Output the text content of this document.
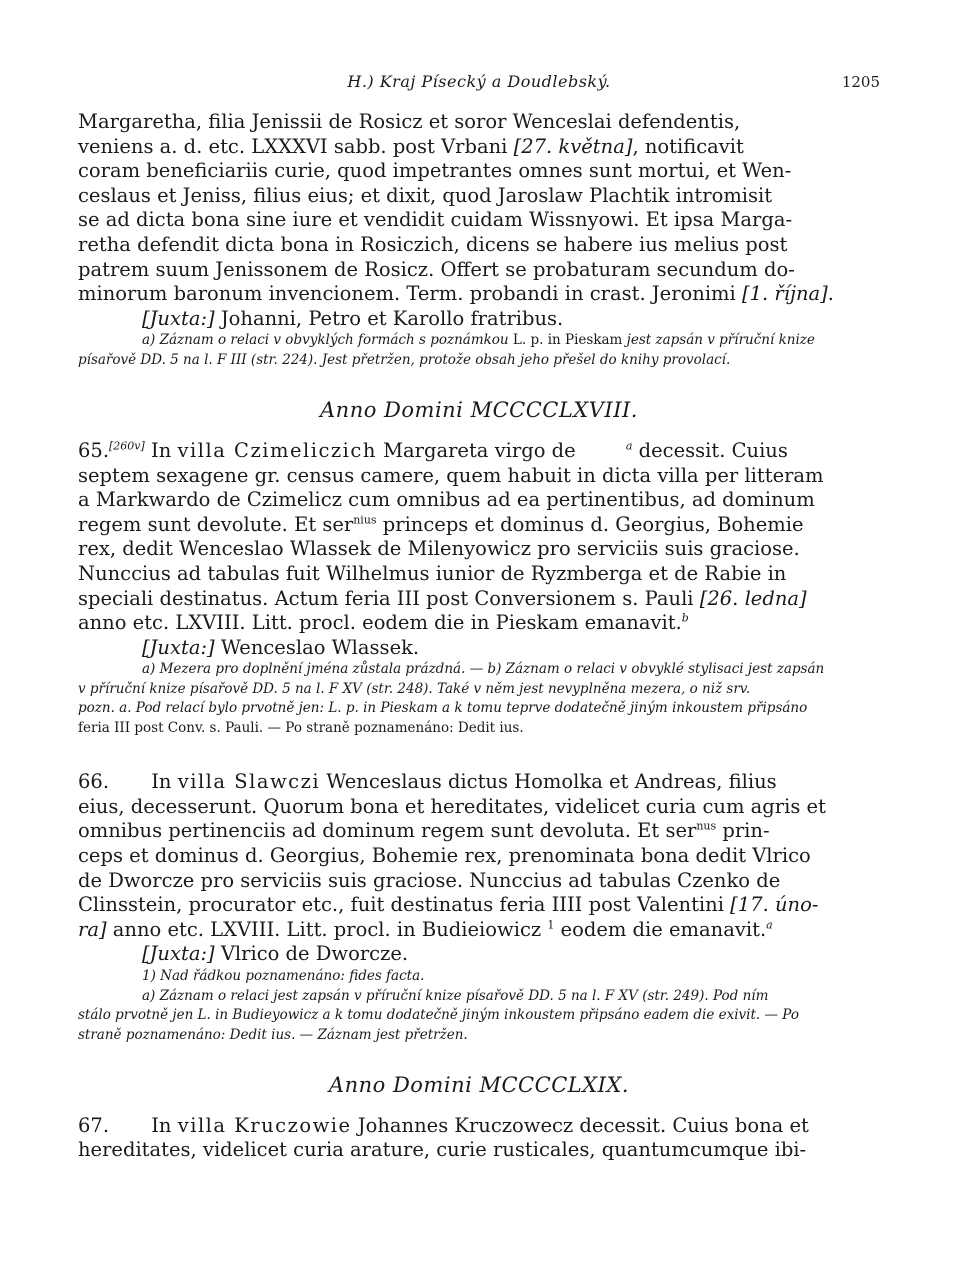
H.) Kraj Písecký a Doudlebský.	1205

Margaretha, filia Jenissii de Rosicz et soror Wenceslai defendentis,

veniens a. d. etc. LXXXVI sabb. post Vrbani [27. května], notificavit

coram beneficiariis curie, quod impetrantes omnes sunt mortui, et Wen-

ceslaus et Jeniss, filius eius; et dixit, quod Jaroslaw Plachtik intromisit

se ad dicta bona sine iure et vendidit cuidam Wissnyowi. Et ipsa Marga-

retha defendit dicta bona in Rosiczich, dicens se habere ius melius post

patrem suum Jenissonem de Rosicz. Offert se probaturam secundum do-

minorum baronum invencionem. Term. probandi in crast. Jeronimi [1. října].

[Juxta:] Johanni, Petro et Karollo fratribus.

a) Záznam o relaci v obvyklých formách s poznámkou L. p. in Pieskam jest zapsán v příruční knize

písařově DD. 5 na l. F III (str. 224). Jest přetržen, protože obsah jeho přešel do knihy provolací.

Anno Domini MCCCCLXVIII.

65.[260v] In villa Czimeliczich Margareta virgo de	$^a$ decessit. Cuius

septem sexagene gr. census camere, quem habuit in dicta villa per litteram

a Markwardo de Czimelicz cum omnibus ad ea pertinentibus, ad dominum

regem sunt devolute. Et ser$^{nius}$ princeps et dominus d. Georgius, Bohemie

rex, dedit Wenceslao Wlassek de Milenyowicz pro serviciis suis graciose.

Nunccius ad tabulas fuit Wilhelmus iunior de Ryzmberga et de Rabie in

speciali destinatus. Actum feria III post Conversionem s. Pauli [26. ledna]

anno etc. LXVIII. Litt. procl. eodem die in Pieskam emanavit.$^b$

[Juxta:] Wenceslao Wlassek.

a) Mezera pro doplnění jména zůstala prázdná. — b) Záznam o relaci v obvyklé stylisaci jest zapsán

v příruční knize písařově DD. 5 na l. F XV (str. 248). Také v něm jest nevyplněna mezera, o niž srv.

pozn. a. Pod relací bylo prvotně jen: L. p. in Pieskam a k tomu teprve dodatečně jiným inkoustem připsáno

feria III post Conv. s. Pauli. — Po straně poznamenáno: Dedit ius.

66. In villa Slawczi Wenceslaus dictus Homolka et Andreas, filius

eius, decesserunt. Quorum bona et hereditates, videlicet curia cum agris et

omnibus pertinenciis ad dominum regem sunt devoluta. Et ser$^{nus}$ prin-

ceps et dominus d. Georgius, Bohemie rex, prenominata bona dedit Vlrico

de Dworcze pro serviciis suis graciose. Nunccius ad tabulas Czenko de

Clinsstein, procurator etc., fuit destinatus feria IIII post Valentini [17. úno-

ra] anno etc. LXVIII. Litt. procl. in Budieiowicz $^1$ eodem die emanavit.$^a$

[Juxta:] Vlrico de Dworcze.

1) Nad řádkou poznamenáno: fides facta.

a) Záznam o relaci jest zapsán v příruční knize písařově DD. 5 na l. F XV (str. 249). Pod ním

stálo prvotně jen L. in Budieyowicz a k tomu dodatečně jiným inkoustem připsáno eadem die exivit. — Po

straně poznamenáno: Dedit ius. — Záznam jest přetržen.

Anno Domini MCCCCLXIX.

67. In villa Kruczowie Johannes Kruczowecz decessit. Cuius bona et

hereditates, videlicet curia arature, curie rusticales, quantumcumque ibi-
